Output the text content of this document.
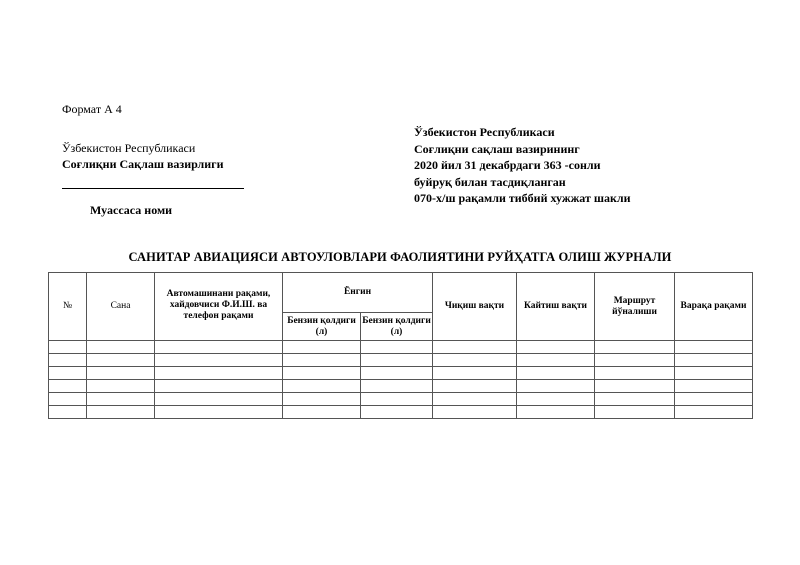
Формат А 4
Ўзбекистон Республикаси
Соғлиқни Сақлаш вазирлиги
Муассаса номи
Ўзбекистон Республикаси
Соғлиқни сақлаш вазирининг
2020 йил 31 декабрдаги 363 -сонли
буйруқ билан тасдиқланган
070-х/ш рақамли тиббий хужжат шакли
САНИТАР АВИАЦИЯСИ АВТОУЛОВЛАРИ ФАОЛИЯТИНИ РУЙҲАТГА ОЛИШ ЖУРНАЛИ
№	Сана	Автомашинани рақами, хайдовчиси Ф.И.Ш. ва телефон рақами	Ёнгин		Чиқиш вақти	Кайтиш вақти	Маршрут йўналиши	Варақа рақами
			Бензин қолдиги (л)	Бензин қолдиги (л)				
